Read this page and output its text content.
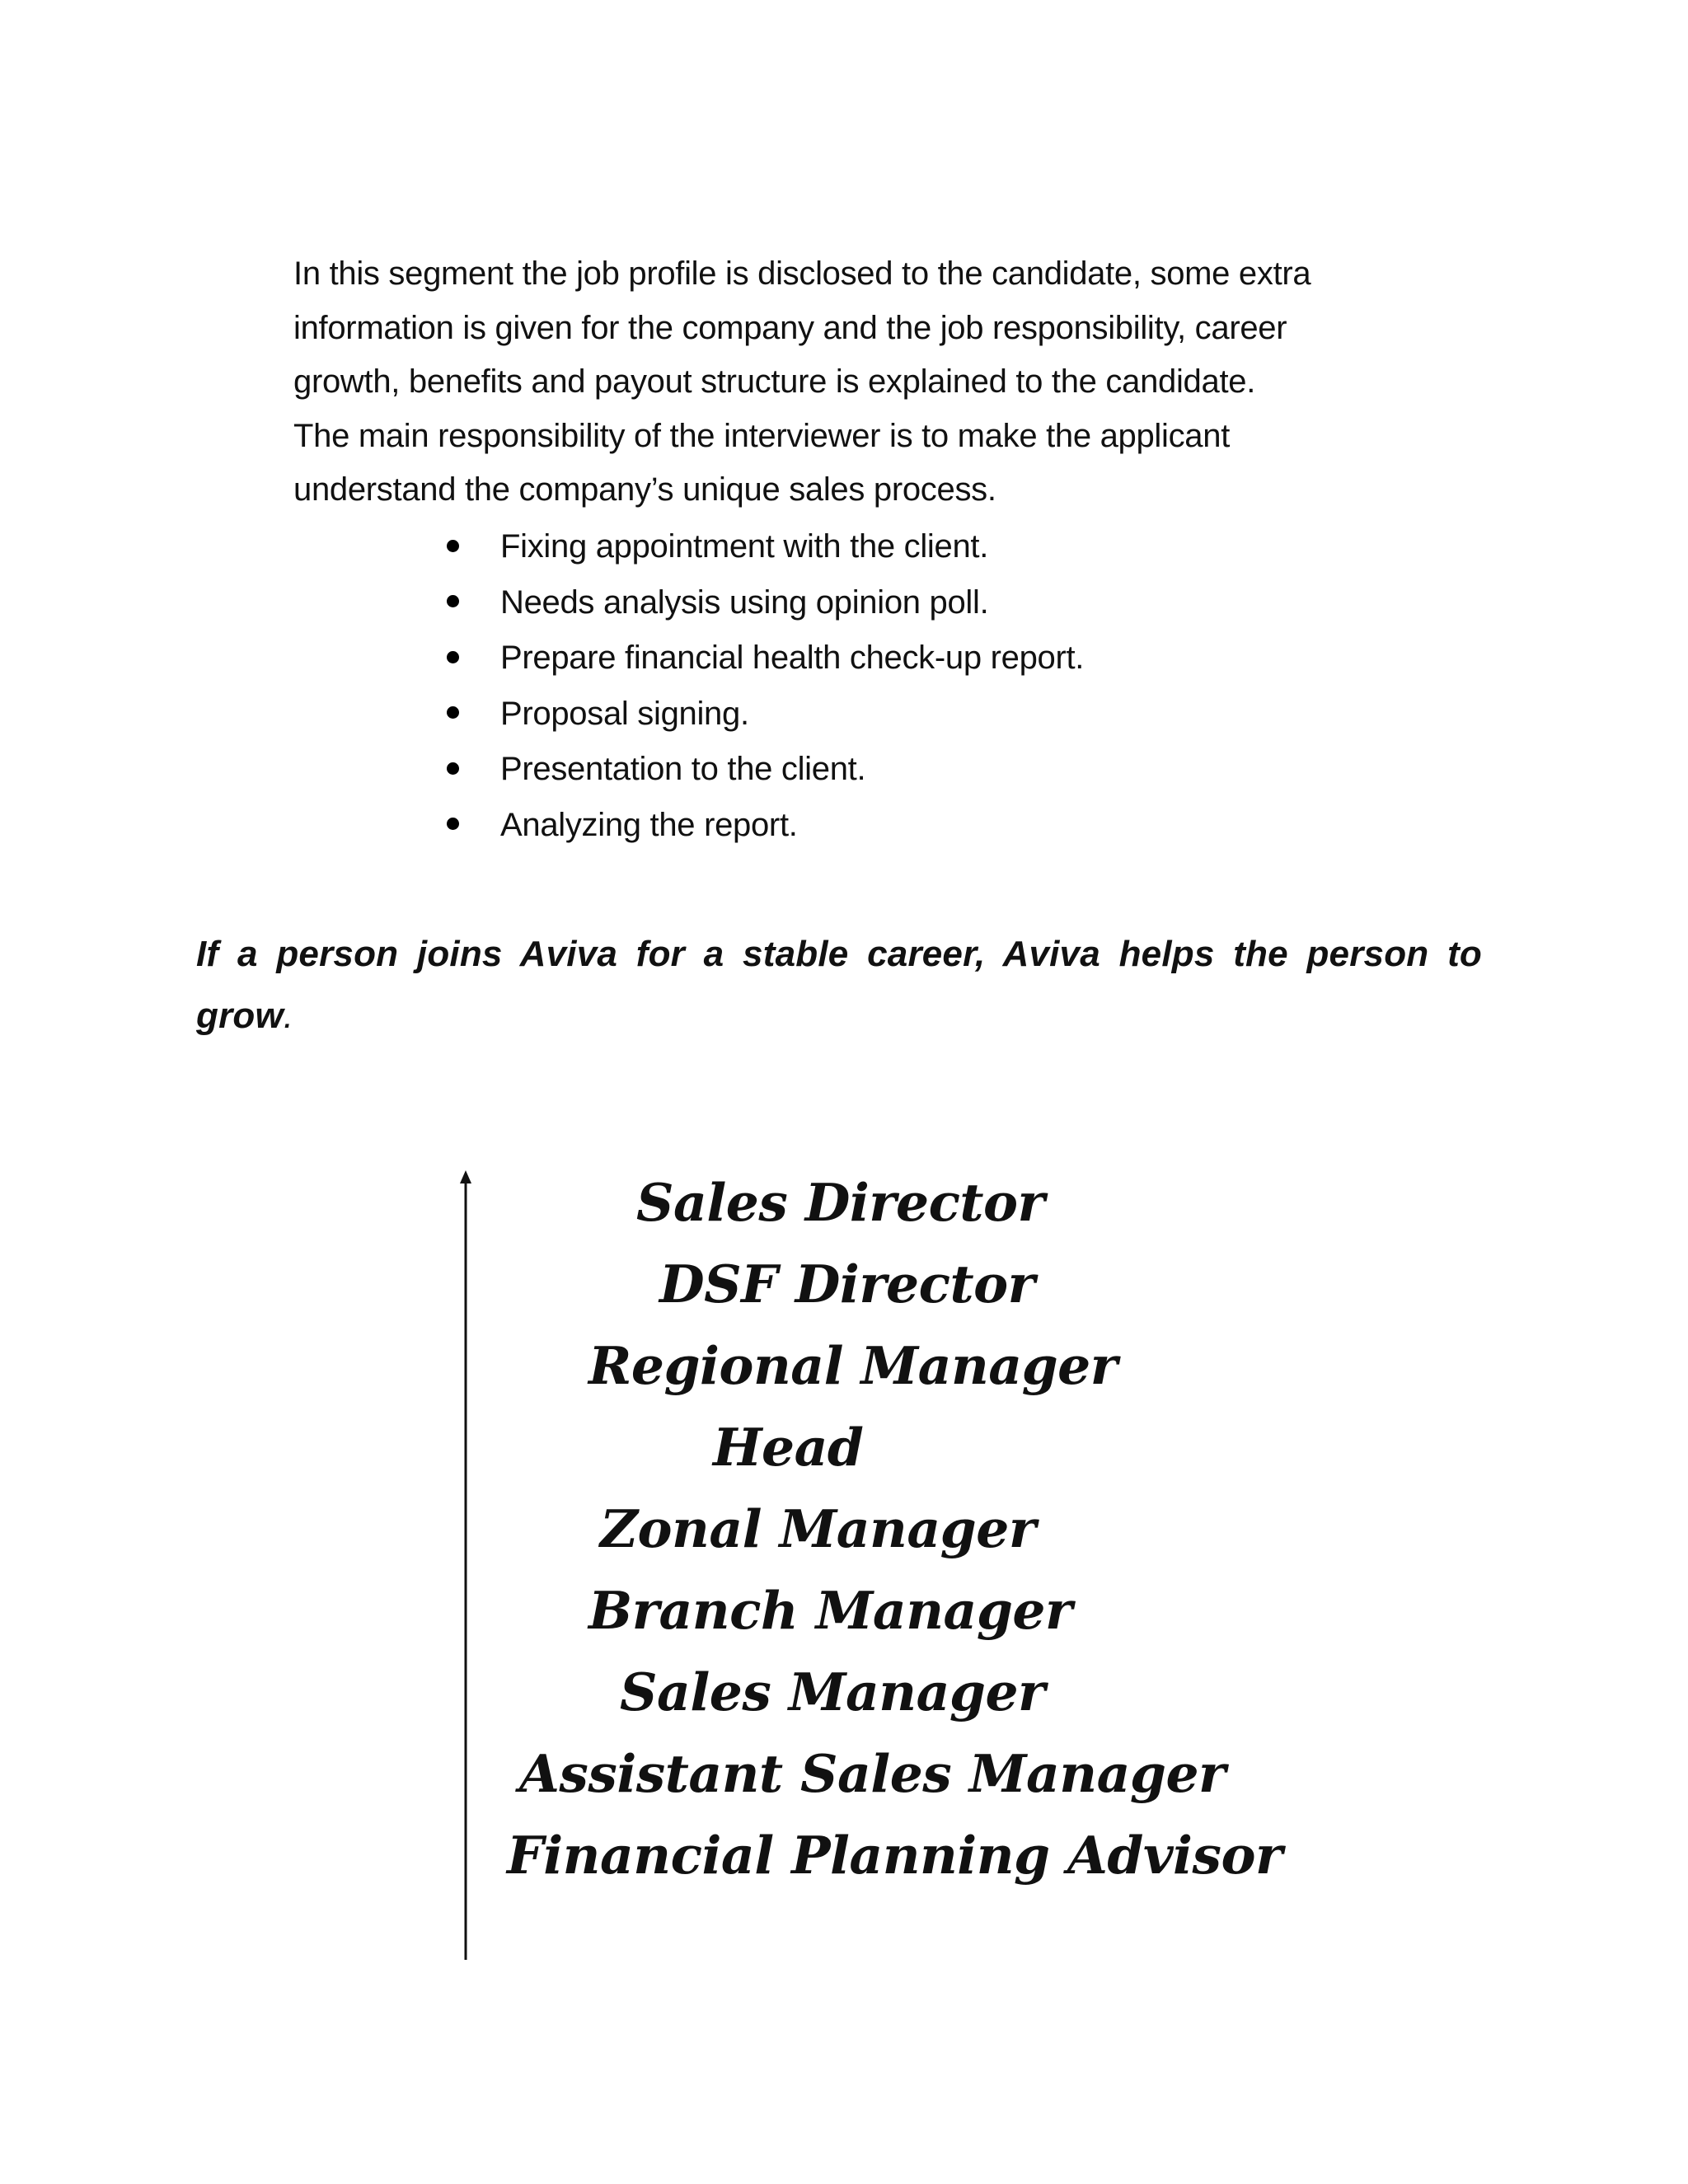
In this segment the job profile is disclosed to the candidate, some extra
information is given for the company and the job responsibility, career
growth, benefits and payout structure is explained to the candidate.
The main responsibility of the interviewer is to make the applicant
understand the company’s unique sales process.

Fixing appointment with the client.
Needs analysis using opinion poll.
Prepare financial health check-up report.
Proposal signing.
Presentation to the client.
Analyzing the report.

If a person joins Aviva for a stable career, Aviva helps the person to grow.

Sales Director

DSF Director

Regional Manager

Head

Zonal Manager

Branch Manager

Sales Manager

Assistant Sales Manager

Financial Planning Advisor
